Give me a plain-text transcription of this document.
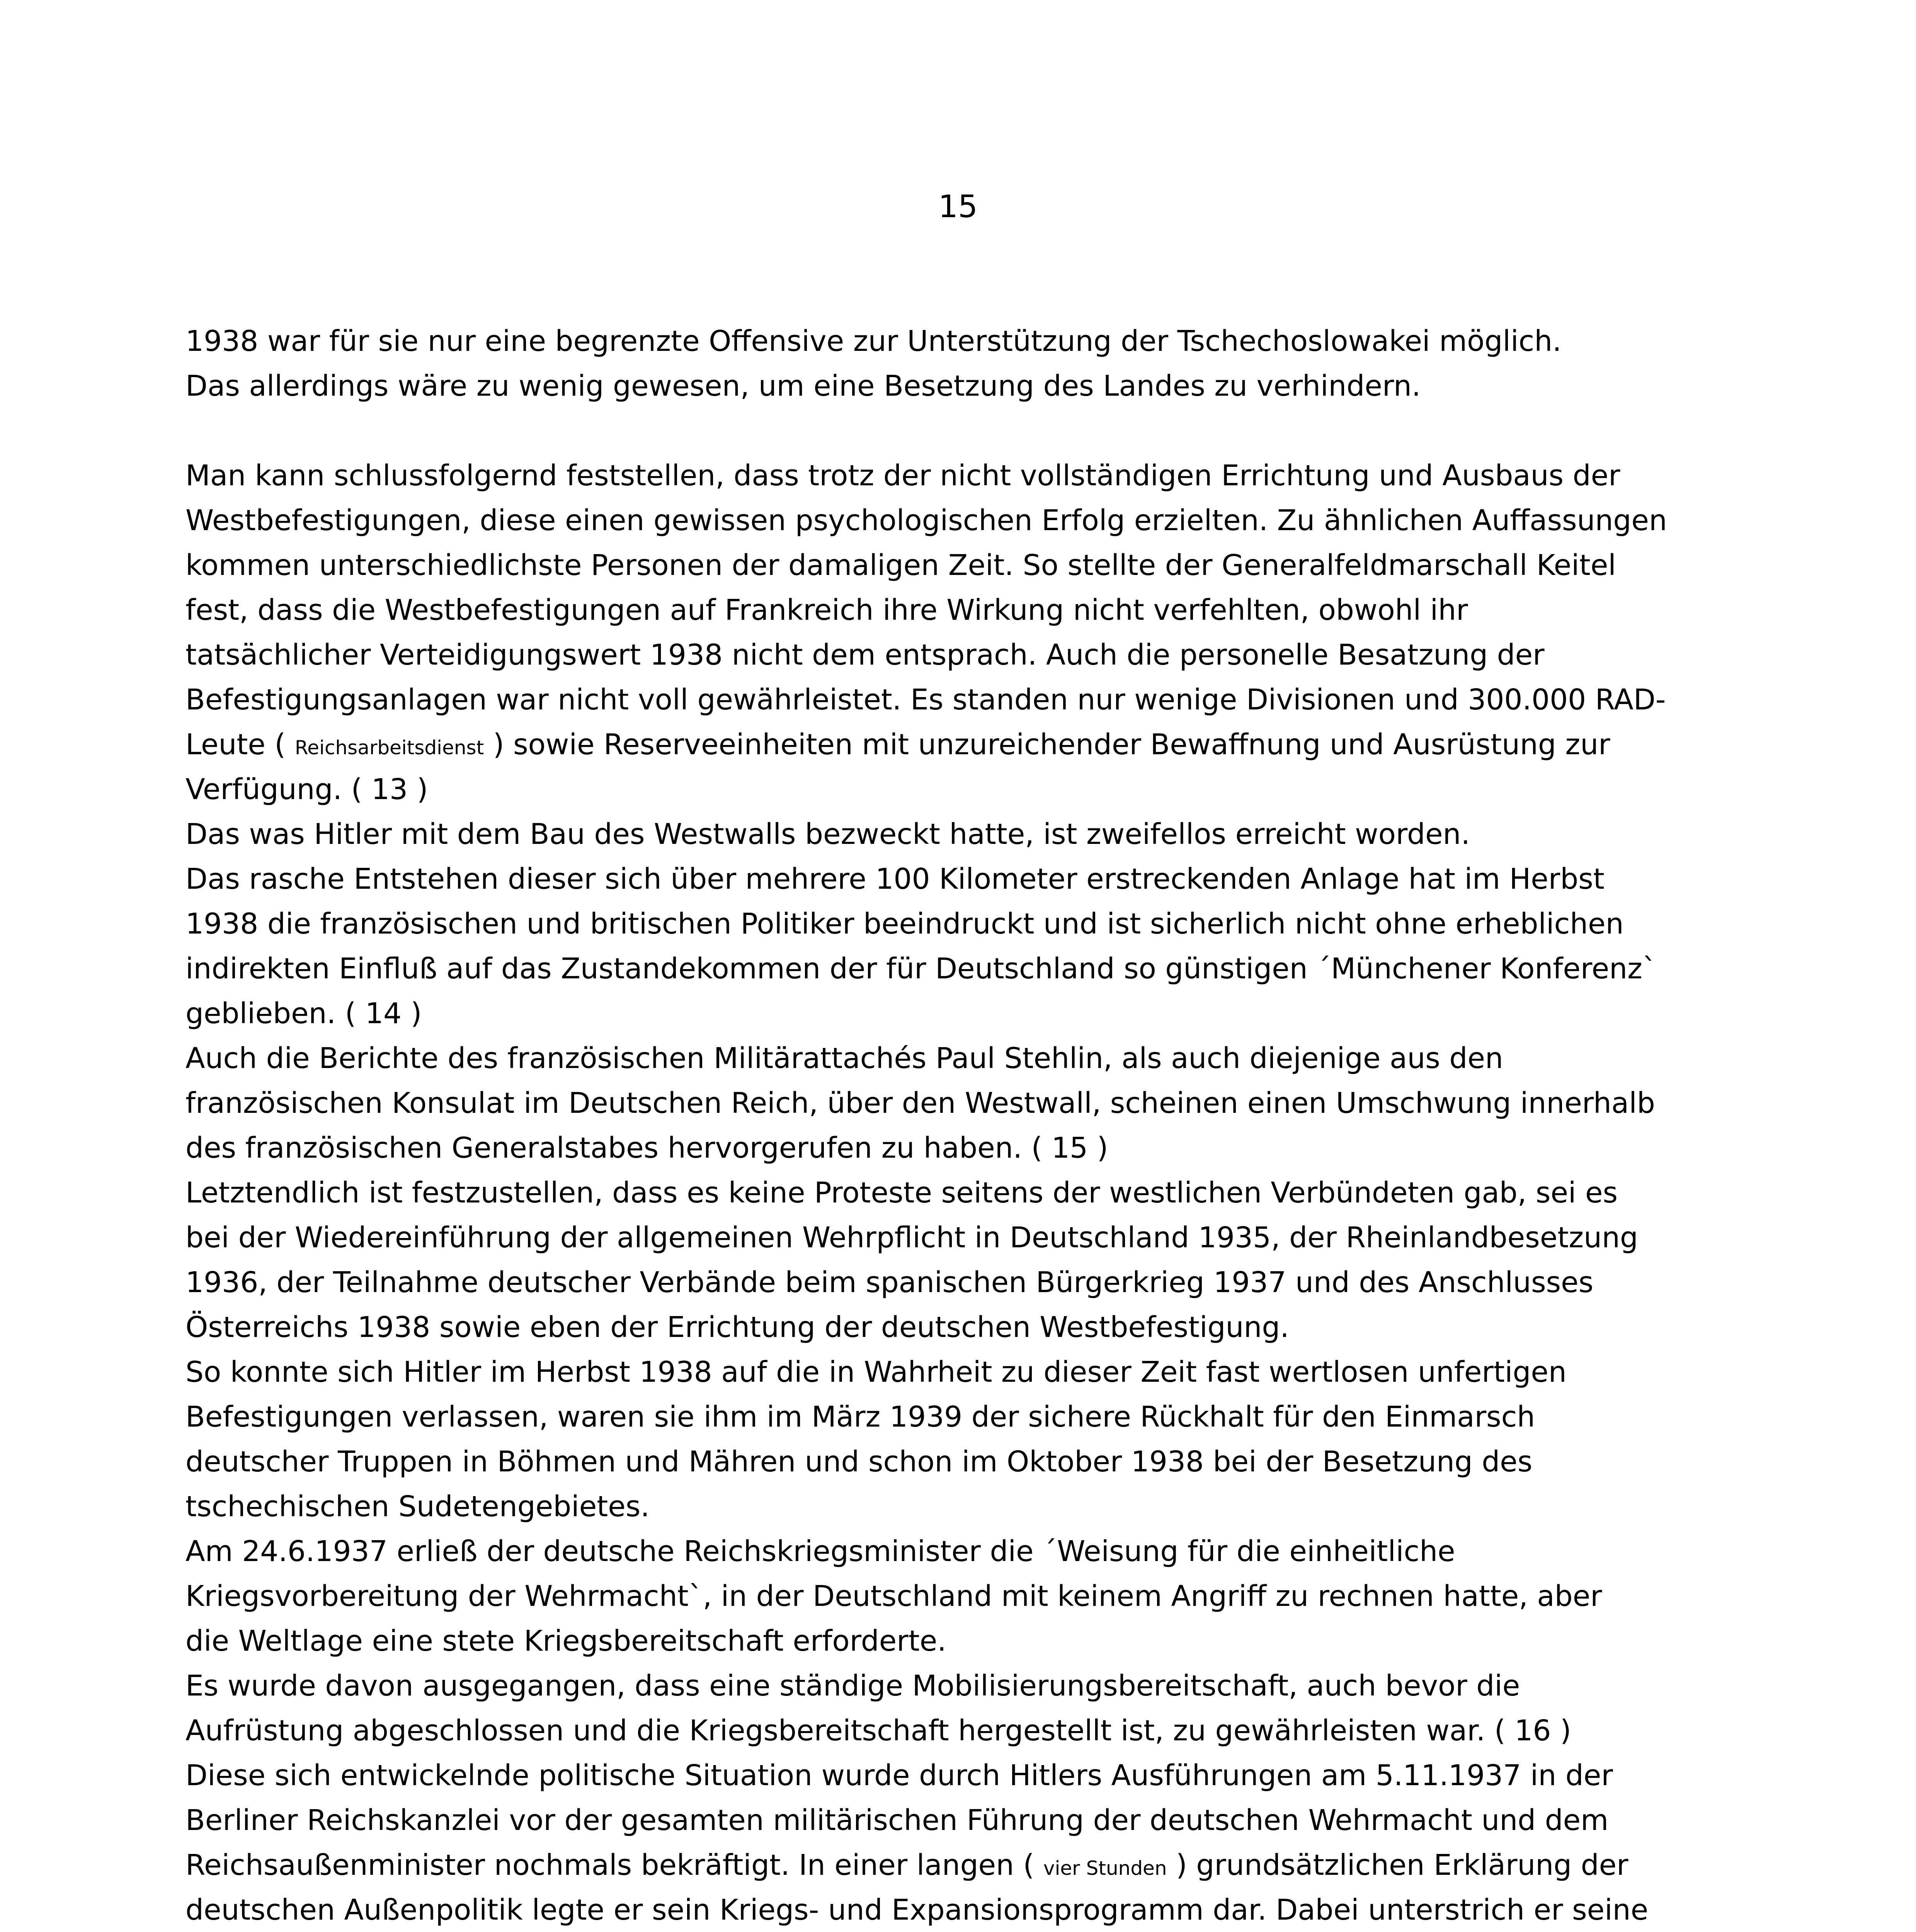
15
1938 war für sie nur eine begrenzte Offensive zur Unterstützung der Tschechoslowakei möglich.
Das allerdings wäre zu wenig gewesen, um eine Besetzung des Landes zu verhindern.
Man kann schlussfolgernd feststellen, dass trotz der nicht vollständigen Errichtung und Ausbaus der
Westbefestigungen, diese einen gewissen psychologischen Erfolg erzielten. Zu ähnlichen Auffassungen
kommen unterschiedlichste Personen der damaligen Zeit. So stellte der Generalfeldmarschall Keitel
fest, dass die Westbefestigungen auf Frankreich ihre Wirkung nicht verfehlten, obwohl ihr
tatsächlicher Verteidigungswert 1938 nicht dem entsprach. Auch die personelle Besatzung der
Befestigungsanlagen war nicht voll gewährleistet. Es standen nur wenige Divisionen und 300.000 RAD-
Leute ( Reichsarbeitsdienst ) sowie Reserveeinheiten mit unzureichender Bewaffnung und Ausrüstung zur
Verfügung. ( 13 )
Das was Hitler mit dem Bau des Westwalls bezweckt hatte, ist zweifellos erreicht worden.
Das rasche Entstehen dieser sich über mehrere 100 Kilometer erstreckenden Anlage hat im Herbst
1938 die französischen und britischen Politiker beeindruckt und ist sicherlich nicht ohne erheblichen
indirekten Einfluß auf das Zustandekommen der für Deutschland so günstigen ´Münchener Konferenz`
geblieben. ( 14 )
Auch die Berichte des französischen Militärattachés Paul Stehlin, als auch diejenige aus den
französischen Konsulat im Deutschen Reich, über den Westwall, scheinen einen Umschwung innerhalb
des französischen Generalstabes hervorgerufen zu haben. ( 15 )
Letztendlich ist festzustellen, dass es keine Proteste seitens der westlichen Verbündeten gab, sei es
bei der Wiedereinführung der allgemeinen Wehrpflicht in Deutschland 1935, der Rheinlandbesetzung
1936, der Teilnahme deutscher Verbände beim spanischen Bürgerkrieg 1937 und des Anschlusses
Österreichs 1938 sowie eben der Errichtung der deutschen Westbefestigung.
So konnte sich Hitler im Herbst 1938 auf die in Wahrheit zu dieser Zeit fast wertlosen unfertigen
Befestigungen verlassen, waren sie ihm im März 1939 der sichere Rückhalt für den Einmarsch
deutscher Truppen in Böhmen und Mähren und schon im Oktober 1938 bei der Besetzung des
tschechischen Sudetengebietes.
Am 24.6.1937 erließ der deutsche Reichskriegsminister die ´Weisung für die einheitliche
Kriegsvorbereitung der Wehrmacht`, in der Deutschland mit keinem Angriff zu rechnen hatte, aber
die Weltlage eine stete Kriegsbereitschaft erforderte.
Es wurde davon ausgegangen, dass eine ständige Mobilisierungsbereitschaft, auch bevor die
Aufrüstung abgeschlossen und die Kriegsbereitschaft hergestellt ist, zu gewährleisten war. ( 16 )
Diese sich entwickelnde politische Situation wurde durch Hitlers Ausführungen am 5.11.1937 in der
Berliner Reichskanzlei vor der gesamten militärischen Führung der deutschen Wehrmacht und dem
Reichsaußenminister nochmals bekräftigt. In einer langen ( vier Stunden ) grundsätzlichen Erklärung der
deutschen Außenpolitik legte er sein Kriegs- und Expansionsprogramm dar. Dabei unterstrich er seine
